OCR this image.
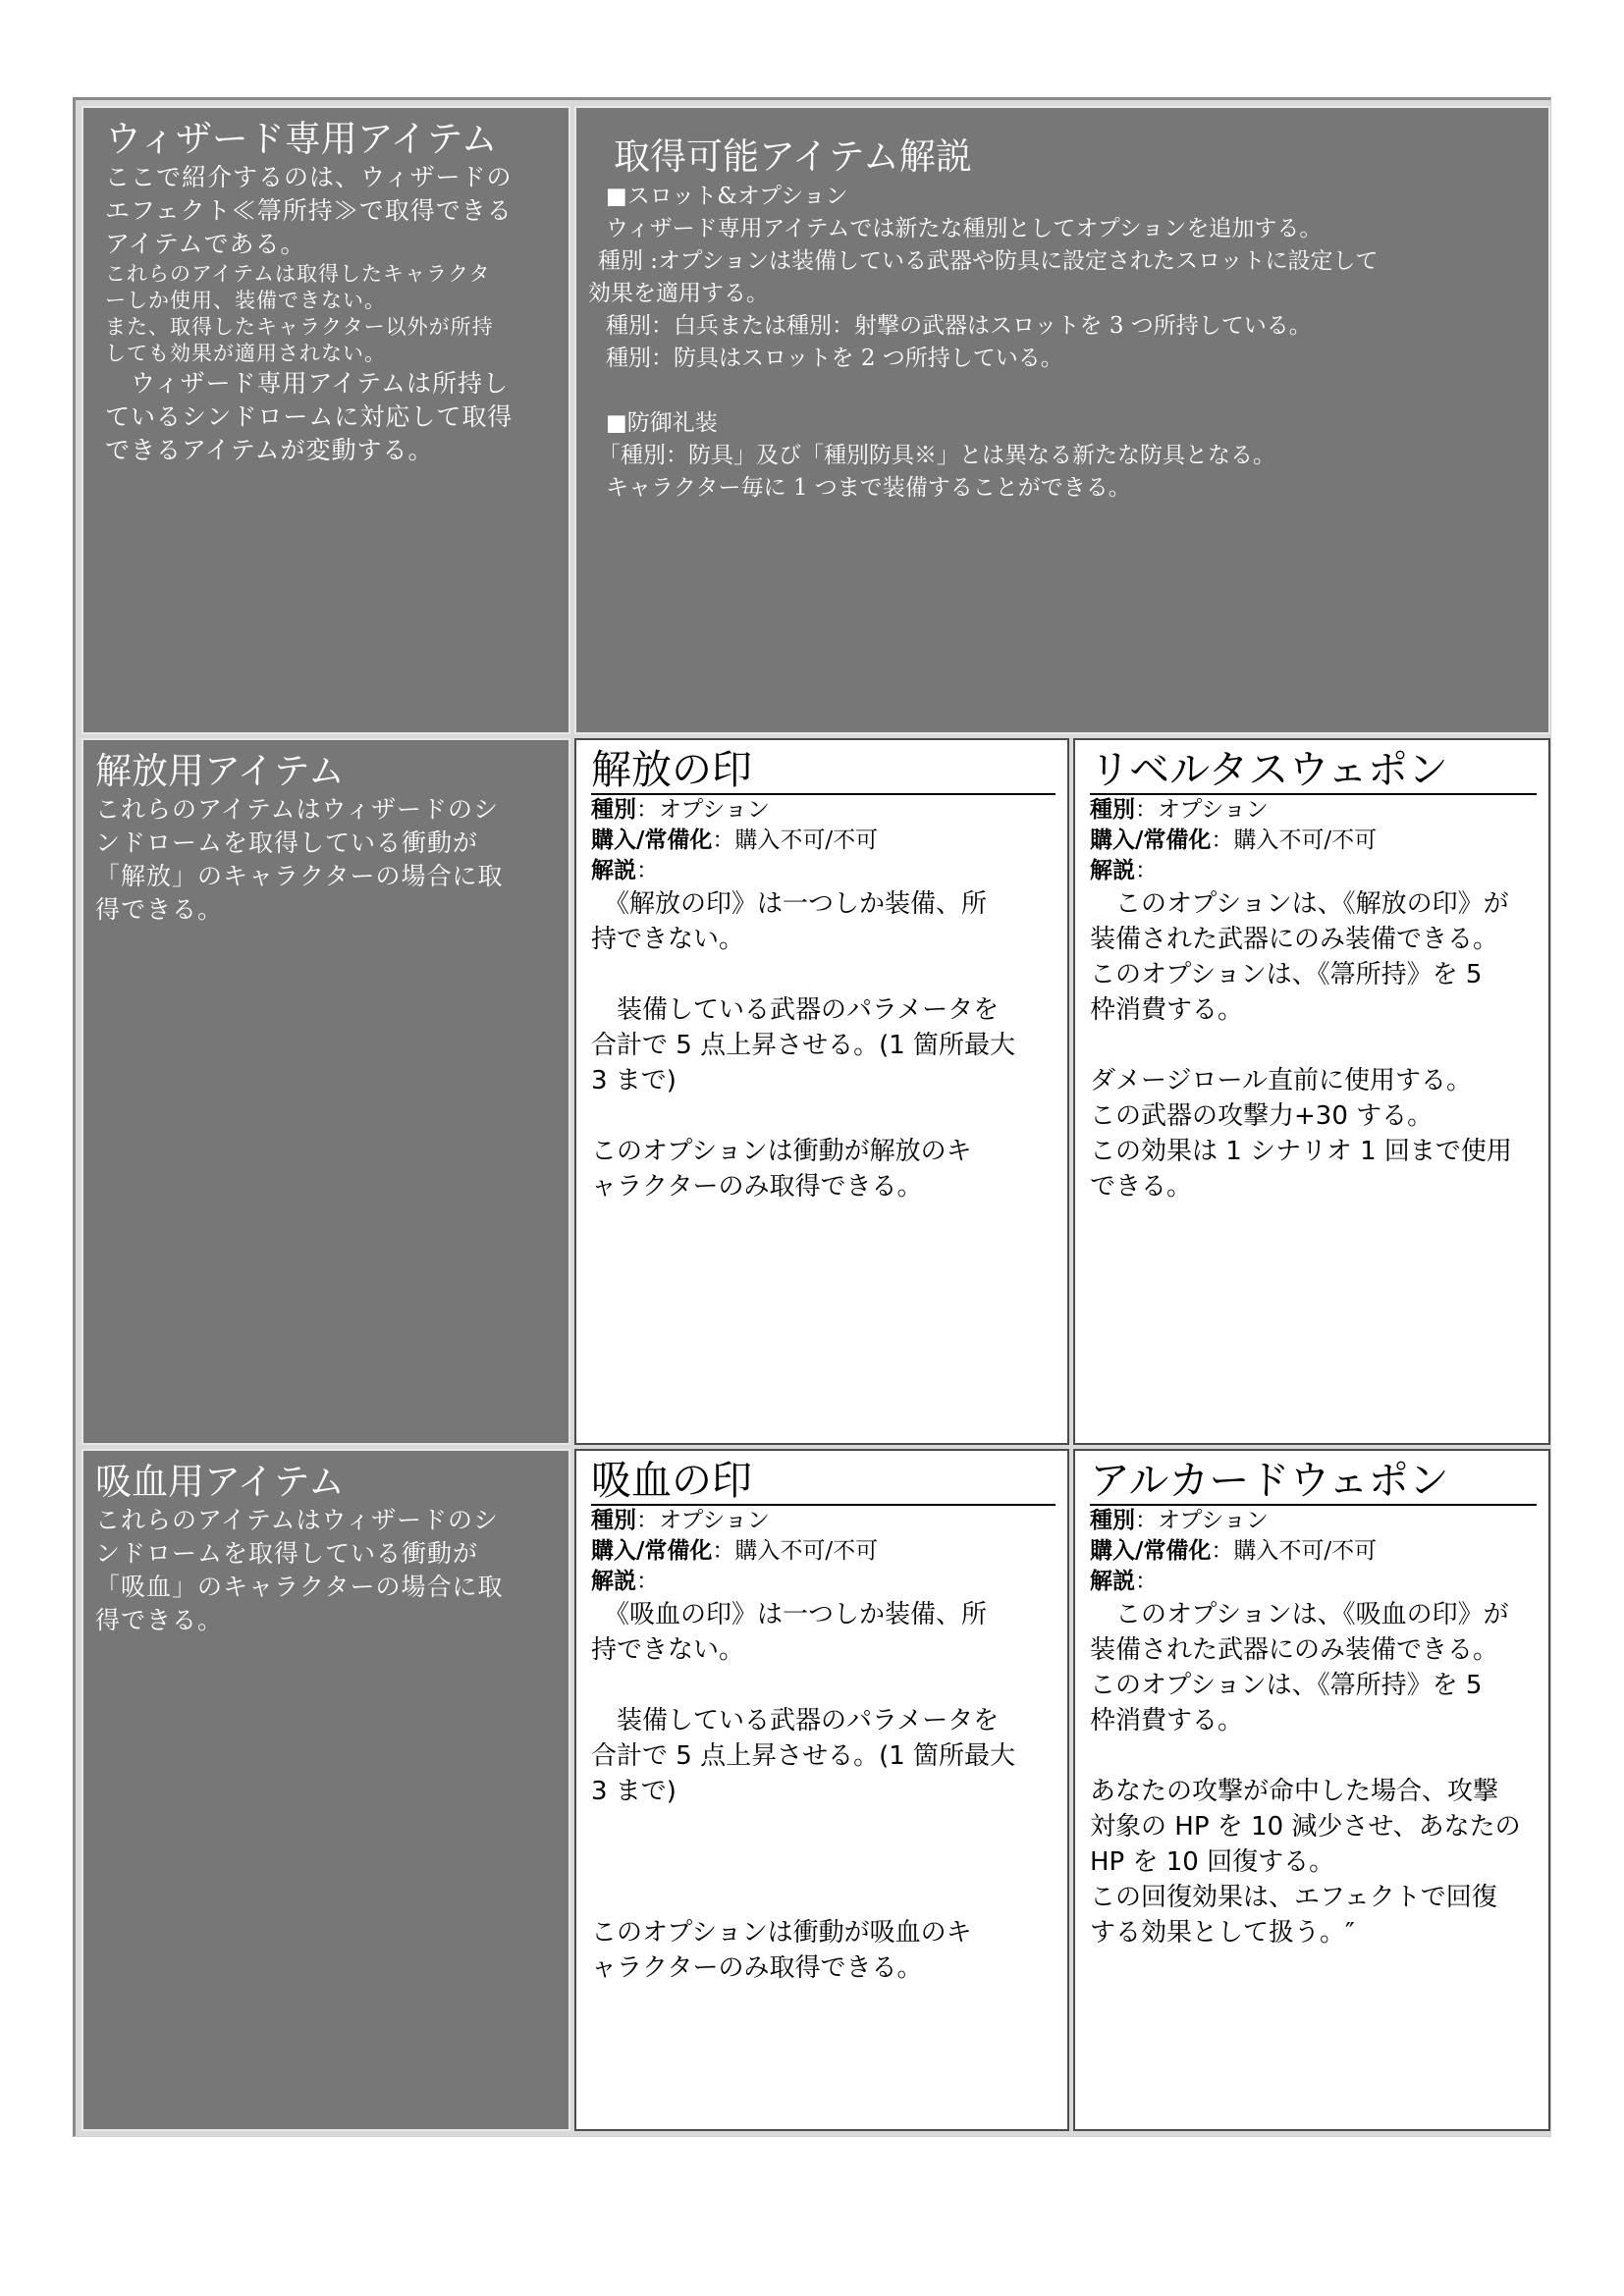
ウィザード専用アイテム
ここで紹介するのは、ウィザードの
エフェクト≪箒所持≫で取得できる
アイテムである。
これらのアイテムは取得したキャラクタ
ーしか使用、装備できない。
また、取得したキャラクター以外が所持
しても効果が適用されない。
　ウィザード専用アイテムは所持し
ているシンドロームに対応して取得
できるアイテムが変動する。
取得可能アイテム解説
■スロット&オプション
ウィザード専用アイテムでは新たな種別としてオプションを追加する。
種別 :オプションは装備している武器や防具に設定されたスロットに設定して
効果を適用する。
種別：白兵または種別：射撃の武器はスロットを 3 つ所持している。
種別：防具はスロットを 2 つ所持している。
■防御礼装
「種別：防具」及び「種別防具※」とは異なる新たな防具となる。
キャラクター毎に 1 つまで装備することができる。
解放用アイテム
これらのアイテムはウィザードのシ
ンドロームを取得している衝動が
「解放」のキャラクターの場合に取
得できる。
解放の印
種別：オプション
購入/常備化：購入不可/不可
解説：
　《解放の印》は一つしか装備、所
持できない。
　装備している武器のパラメータを
合計で 5 点上昇させる。(1 箇所最大
3 まで)
このオプションは衝動が解放のキ
ャラクターのみ取得できる。
リベルタスウェポン
種別：オプション
購入/常備化：購入不可/不可
解説：
　このオプションは、《解放の印》が
装備された武器にのみ装備できる。
このオプションは、《箒所持》を 5
枠消費する。
ダメージロール直前に使用する。
この武器の攻撃力+30 する。
この効果は 1 シナリオ 1 回まで使用
できる。
吸血用アイテム
これらのアイテムはウィザードのシ
ンドロームを取得している衝動が
「吸血」のキャラクターの場合に取
得できる。
吸血の印
種別：オプション
購入/常備化：購入不可/不可
解説：
　《吸血の印》は一つしか装備、所
持できない。
　装備している武器のパラメータを
合計で 5 点上昇させる。(1 箇所最大
3 まで)
このオプションは衝動が吸血のキ
ャラクターのみ取得できる。
アルカードウェポン
種別：オプション
購入/常備化：購入不可/不可
解説：
　このオプションは、《吸血の印》が
装備された武器にのみ装備できる。
このオプションは、《箒所持》を 5
枠消費する。
あなたの攻撃が命中した場合、攻撃
対象の HP を 10 減少させ、あなたの
HP を 10 回復する。
この回復効果は、エフェクトで回復
する効果として扱う。″
